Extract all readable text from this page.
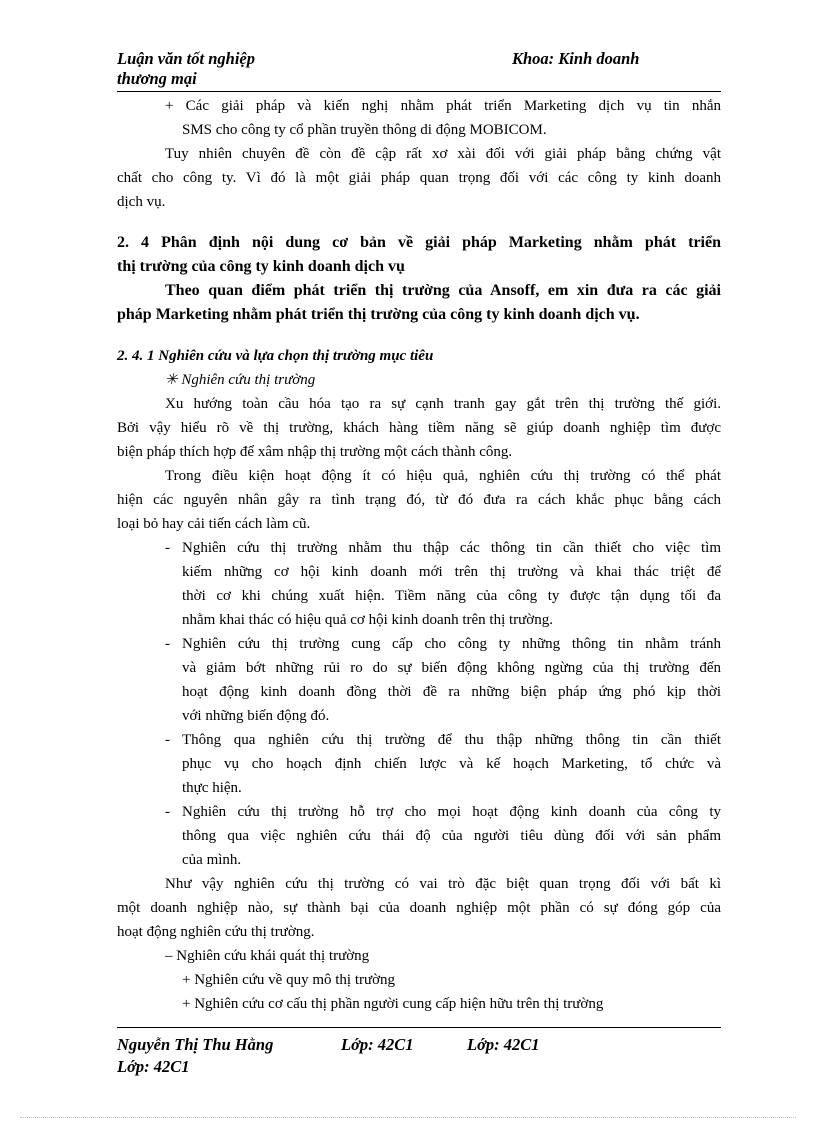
Luận văn tốt nghiệp
thương mại
Khoa: Kinh doanh
+ Các giải pháp và kiến nghị nhằm phát triển Marketing dịch vụ tin nhắn
SMS cho công ty cổ phần truyền thông di động MOBICOM.
Tuy nhiên chuyên đề còn đề cập rất xơ xài đối với giải pháp bằng chứng vật
chất cho công ty. Vì đó là một giải pháp quan trọng đối với các công ty kinh doanh
dịch vụ.
2. 4 Phân định nội dung cơ bản về giải pháp Marketing nhằm phát triển
thị trường của công ty kinh doanh dịch vụ
Theo quan điểm phát triển thị trường của Ansoff, em xin đưa ra các giải
pháp Marketing nhằm phát triển thị trường của công ty kinh doanh dịch vụ.
2. 4. 1 Nghiên cứu và lựa chọn thị trường mục tiêu
✳ Nghiên cứu thị trường
Xu hướng toàn cầu hóa tạo ra sự cạnh tranh gay gắt trên thị trường thế giới.
Bởi vậy hiểu rõ về thị trường, khách hàng tiềm năng sẽ giúp doanh nghiệp tìm được
biện pháp thích hợp để xâm nhập thị trường một cách thành công.
Trong điều kiện hoạt động ít có hiệu quả, nghiên cứu thị trường có thể phát
hiện các nguyên nhân gây ra tình trạng đó, từ đó đưa ra cách khắc phục bằng cách
loại bỏ hay cải tiến cách làm cũ.
- Nghiên cứu thị trường nhằm thu thập các thông tin cần thiết cho việc tìm
kiếm những cơ hội kinh doanh mới trên thị trường và khai thác triệt để
thời cơ khi chúng xuất hiện. Tiềm năng của công ty được tận dụng tối đa
nhằm khai thác có hiệu quả cơ hội kinh doanh trên thị trường.
- Nghiên cứu thị trường cung cấp cho công ty những thông tin nhằm tránh
và giảm bớt những rủi ro do sự biến động không ngừng của thị trường đến
hoạt động kinh doanh đồng thời đề ra những biện pháp ứng phó kịp thời
với những biến động đó.
- Thông qua nghiên cứu thị trường để thu thập những thông tin cần thiết
phục vụ cho hoạch định chiến lược và kế hoạch Marketing, tổ chức và
thực hiện.
- Nghiên cứu thị trường hỗ trợ cho mọi hoạt động kinh doanh của công ty
thông qua việc nghiên cứu thái độ của người tiêu dùng đối với sản phẩm
của mình.
Như vậy nghiên cứu thị trường có vai trò đặc biệt quan trọng đối với bất kì
một doanh nghiệp nào, sự thành bại của doanh nghiệp một phần có sự đóng góp của
hoạt động nghiên cứu thị trường.
– Nghiên cứu khái quát thị trường
+ Nghiên cứu về quy mô thị trường
+ Nghiên cứu cơ cấu thị phần người cung cấp hiện hữu trên thị trường
Nguyễn Thị Thu Hằng	Lớp: 42C1	Lớp: 42C1
Lớp: 42C1
